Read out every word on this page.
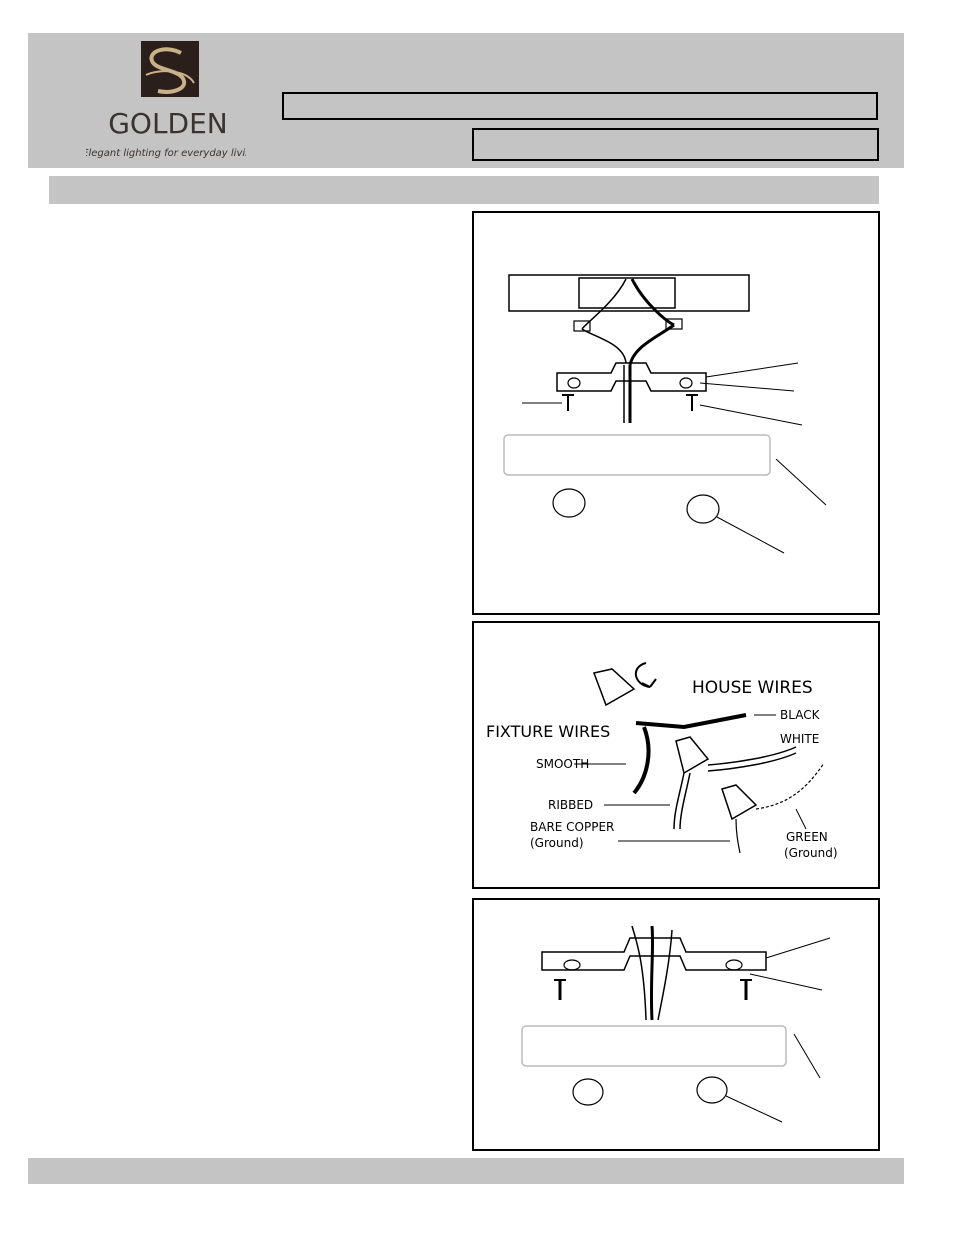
GOLDEN
Elegant lighting for everyday living
HOUSE WIRES
FIXTURE WIRES
BLACK
SMOOTH
WHITE
RIBBED
BARE COPPER
(Ground)	GREEN
(Ground)
